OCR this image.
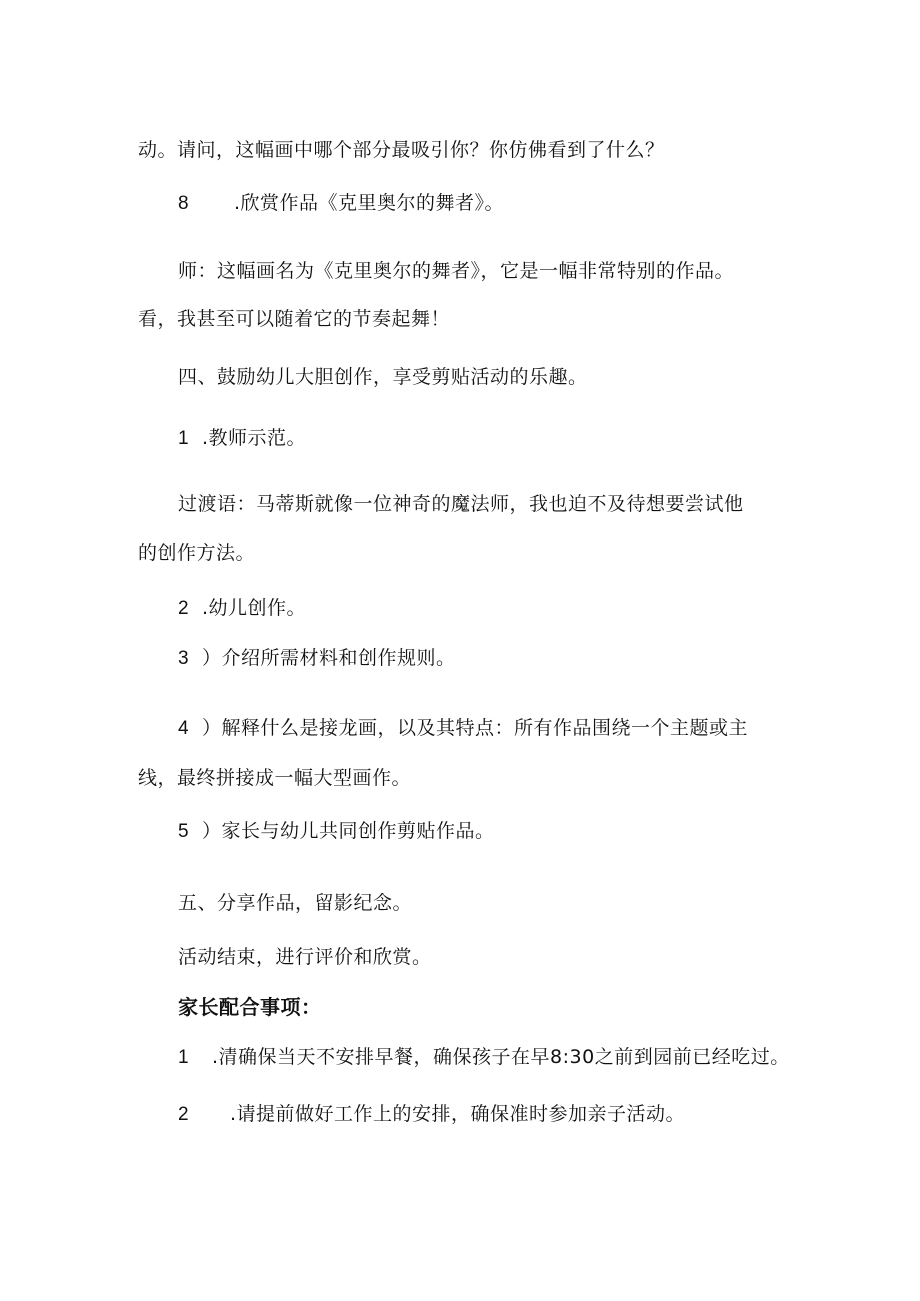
动。请问，这幅画中哪个部分最吸引你？你仿佛看到了什么？
8 .欣赏作品《克里奥尔的舞者》。
师：这幅画名为《克里奥尔的舞者》，它是一幅非常特别的作品。
看，我甚至可以随着它的节奏起舞！
四、鼓励幼儿大胆创作，享受剪贴活动的乐趣。
1 .教师示范。
过渡语：马蒂斯就像一位神奇的魔法师，我也迫不及待想要尝试他
的创作方法。
2 .幼儿创作。
3 ）介绍所需材料和创作规则。
4 ）解释什么是接龙画，以及其特点：所有作品围绕一个主题或主
线，最终拼接成一幅大型画作。
5 ）家长与幼儿共同创作剪贴作品。
五、分享作品，留影纪念。
活动结束，进行评价和欣赏。
家长配合事项：
1 .清确保当天不安排早餐，确保孩子在早8:30之前到园前已经吃过。
2 .请提前做好工作上的安排，确保准时参加亲子活动。
